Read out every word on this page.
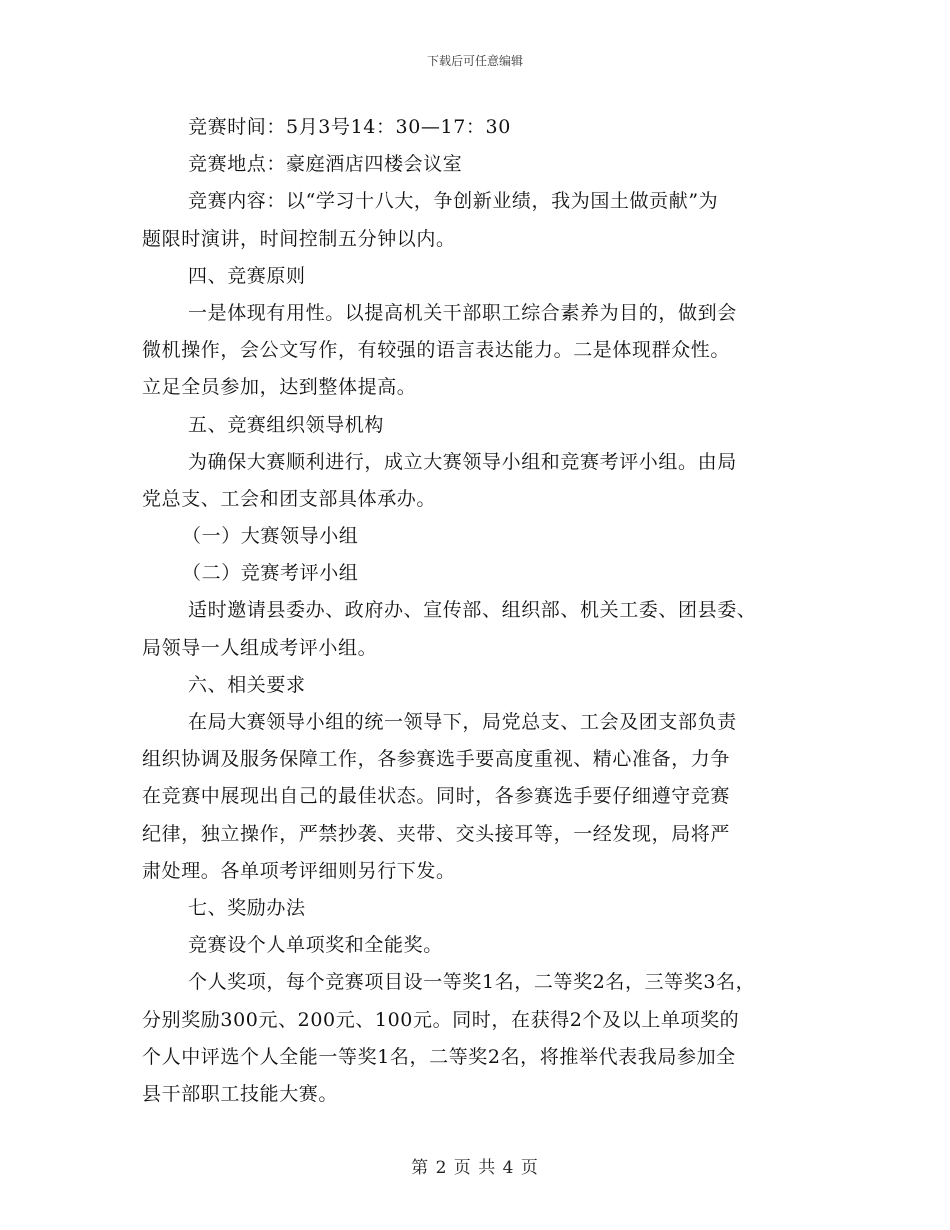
下载后可任意编辑
竞赛时间：5月3号14：30—17：30
竞赛地点：豪庭酒店四楼会议室
竞赛内容：以“学习十八大，争创新业绩，我为国土做贡献”为
题限时演讲，时间控制五分钟以内。
四、竞赛原则
一是体现有用性。以提高机关干部职工综合素养为目的，做到会
微机操作，会公文写作，有较强的语言表达能力。二是体现群众性。
立足全员参加，达到整体提高。
五、竞赛组织领导机构
为确保大赛顺利进行，成立大赛领导小组和竞赛考评小组。由局
党总支、工会和团支部具体承办。
（一）大赛领导小组
（二）竞赛考评小组
适时邀请县委办、政府办、宣传部、组织部、机关工委、团县委、
局领导一人组成考评小组。
六、相关要求
在局大赛领导小组的统一领导下，局党总支、工会及团支部负责
组织协调及服务保障工作，各参赛选手要高度重视、精心准备，力争
在竞赛中展现出自己的最佳状态。同时，各参赛选手要仔细遵守竞赛
纪律，独立操作，严禁抄袭、夹带、交头接耳等，一经发现，局将严
肃处理。各单项考评细则另行下发。
七、奖励办法
竞赛设个人单项奖和全能奖。
个人奖项，每个竞赛项目设一等奖1名，二等奖2名，三等奖3名，
分别奖励300元、200元、100元。同时，在获得2个及以上单项奖的
个人中评选个人全能一等奖1名，二等奖2名，将推举代表我局参加全
县干部职工技能大赛。
第 2 页 共 4 页
